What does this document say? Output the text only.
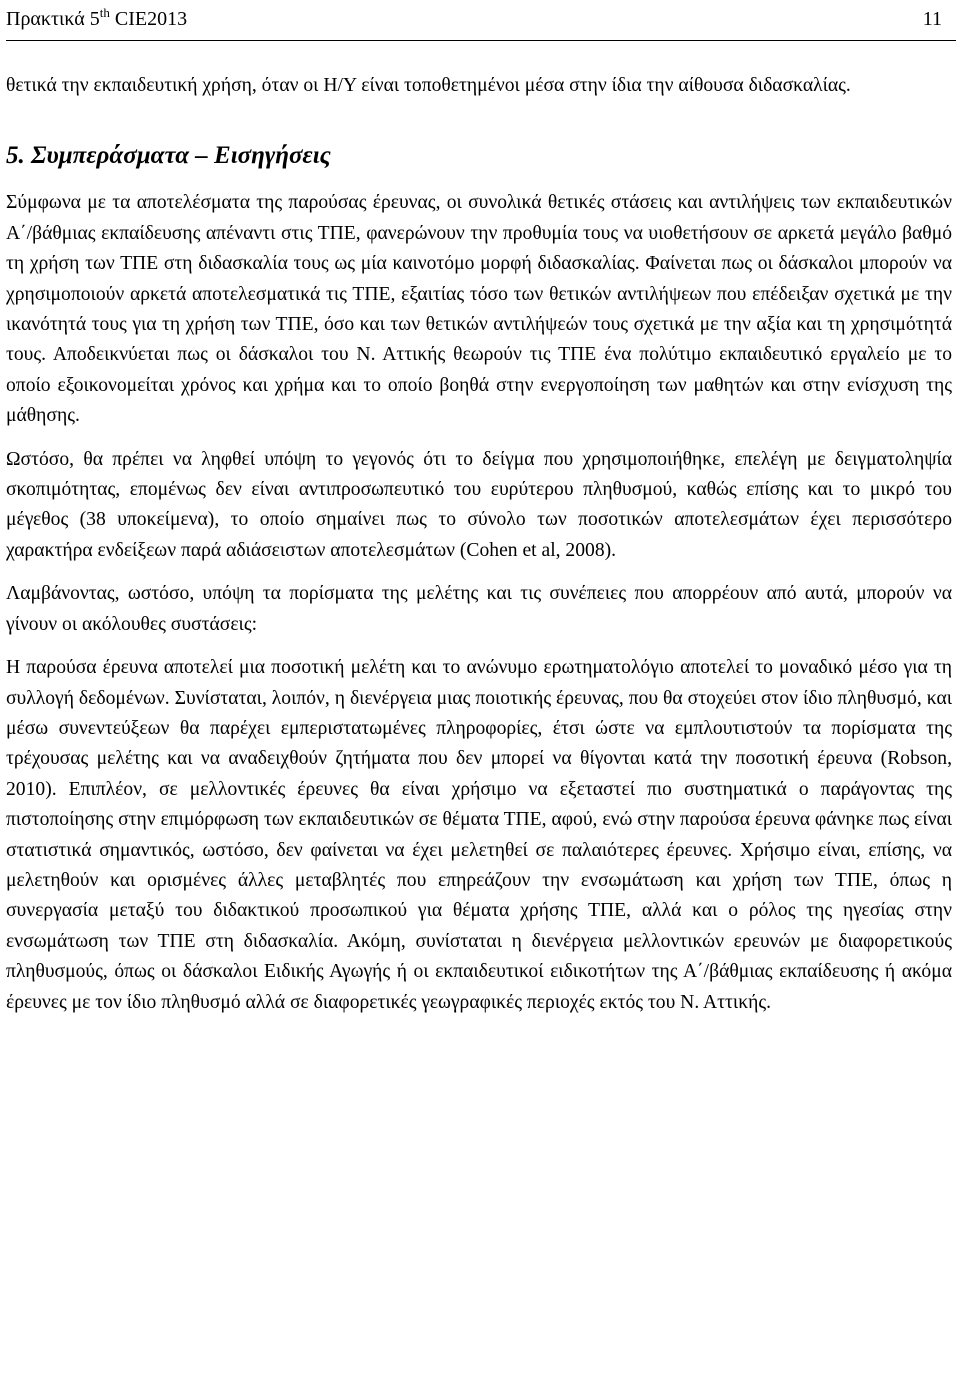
Πρακτικά 5th CIE2013	11

θετικά την εκπαιδευτική χρήση, όταν οι Η/Υ είναι τοποθετημένοι μέσα στην ίδια την αίθουσα διδασκαλίας.

5. Συμπεράσματα – Εισηγήσεις

Σύμφωνα με τα αποτελέσματα της παρούσας έρευνας, οι συνολικά θετικές στάσεις και αντιλήψεις των εκπαιδευτικών Α΄/βάθμιας εκπαίδευσης απέναντι στις ΤΠΕ, φανερώνουν την προθυμία τους να υιοθετήσουν σε αρκετά μεγάλο βαθμό τη χρήση των ΤΠΕ στη διδασκαλία τους ως μία καινοτόμο μορφή διδασκαλίας. Φαίνεται πως οι δάσκαλοι μπορούν να χρησιμοποιούν αρκετά αποτελεσματικά τις ΤΠΕ, εξαιτίας τόσο των θετικών αντιλήψεων που επέδειξαν σχετικά με την ικανότητά τους για τη χρήση των ΤΠΕ, όσο και των θετικών αντιλήψεών τους σχετικά με την αξία και τη χρησιμότητά τους. Αποδεικνύεται πως οι δάσκαλοι του Ν. Αττικής θεωρούν τις ΤΠΕ ένα πολύτιμο εκπαιδευτικό εργαλείο με το οποίο εξοικονομείται χρόνος και χρήμα και το οποίο βοηθά στην ενεργοποίηση των μαθητών και στην ενίσχυση της μάθησης.

Ωστόσο, θα πρέπει να ληφθεί υπόψη το γεγονός ότι το δείγμα που χρησιμοποιήθηκε, επελέγη με δειγματοληψία σκοπιμότητας, επομένως δεν είναι αντιπροσωπευτικό του ευρύτερου πληθυσμού, καθώς επίσης και το μικρό του μέγεθος (38 υποκείμενα), το οποίο σημαίνει πως το σύνολο των ποσοτικών αποτελεσμάτων έχει περισσότερο χαρακτήρα ενδείξεων παρά αδιάσειστων αποτελεσμάτων (Cohen et al, 2008).

Λαμβάνοντας, ωστόσο, υπόψη τα πορίσματα της μελέτης και τις συνέπειες που απορρέουν από αυτά, μπορούν να γίνουν οι ακόλουθες συστάσεις:

Η παρούσα έρευνα αποτελεί μια ποσοτική μελέτη και το ανώνυμο ερωτηματολόγιο αποτελεί το μοναδικό μέσο για τη συλλογή δεδομένων. Συνίσταται, λοιπόν, η διενέργεια μιας ποιοτικής έρευνας, που θα στοχεύει στον ίδιο πληθυσμό, και μέσω συνεντεύξεων θα παρέχει εμπεριστατωμένες πληροφορίες, έτσι ώστε να εμπλουτιστούν τα πορίσματα της τρέχουσας μελέτης και να αναδειχθούν ζητήματα που δεν μπορεί να θίγονται κατά την ποσοτική έρευνα (Robson, 2010). Επιπλέον, σε μελλοντικές έρευνες θα είναι χρήσιμο να εξεταστεί πιο συστηματικά ο παράγοντας της πιστοποίησης στην επιμόρφωση των εκπαιδευτικών σε θέματα ΤΠΕ, αφού, ενώ στην παρούσα έρευνα φάνηκε πως είναι στατιστικά σημαντικός, ωστόσο, δεν φαίνεται να έχει μελετηθεί σε παλαιότερες έρευνες. Χρήσιμο είναι, επίσης, να μελετηθούν και ορισμένες άλλες μεταβλητές που επηρεάζουν την ενσωμάτωση και χρήση των ΤΠΕ, όπως η συνεργασία μεταξύ του διδακτικού προσωπικού για θέματα χρήσης ΤΠΕ, αλλά και ο ρόλος της ηγεσίας στην ενσωμάτωση των ΤΠΕ στη διδασκαλία. Ακόμη, συνίσταται η διενέργεια μελλοντικών ερευνών με διαφορετικούς πληθυσμούς, όπως οι δάσκαλοι Ειδικής Αγωγής ή οι εκπαιδευτικοί ειδικοτήτων της Α΄/βάθμιας εκπαίδευσης ή ακόμα έρευνες με τον ίδιο πληθυσμό αλλά σε διαφορετικές γεωγραφικές περιοχές εκτός του Ν. Αττικής.
